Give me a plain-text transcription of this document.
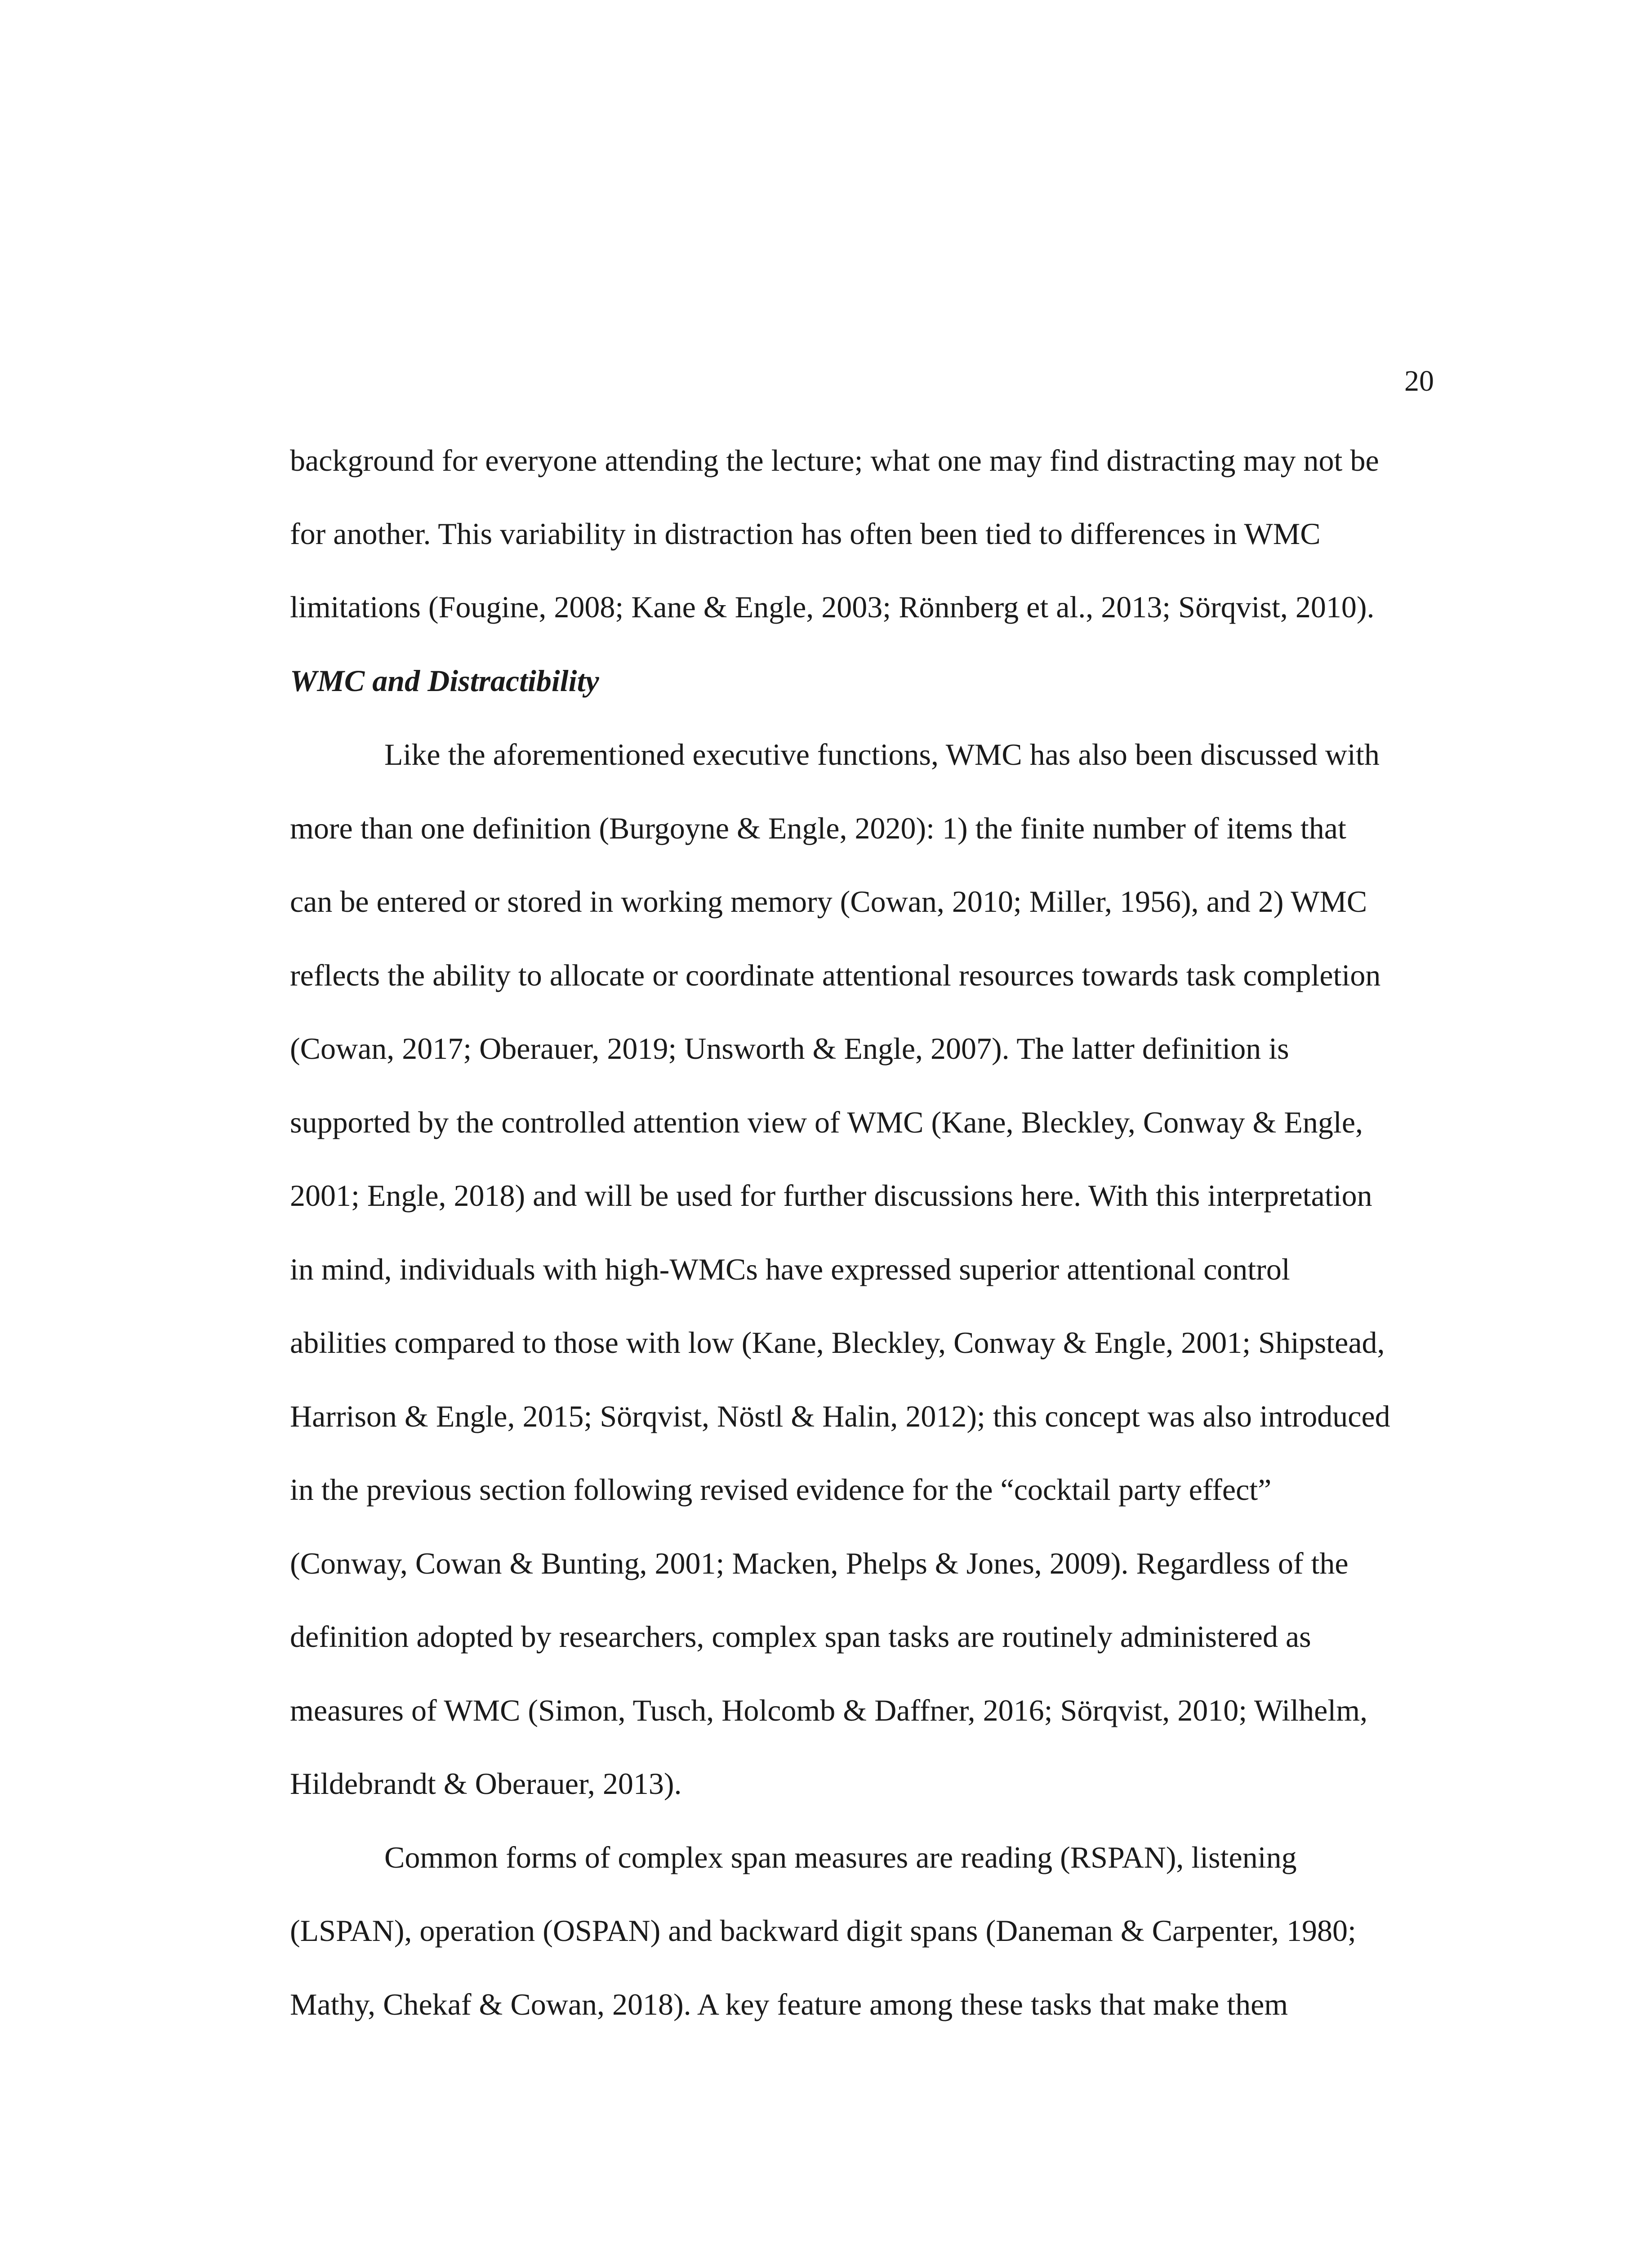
20
background for everyone attending the lecture; what one may find distracting may not be
for another. This variability in distraction has often been tied to differences in WMC
limitations (Fougine, 2008; Kane & Engle, 2003; Rönnberg et al., 2013; Sörqvist, 2010).
WMC and Distractibility
Like the aforementioned executive functions, WMC has also been discussed with
more than one definition (Burgoyne & Engle, 2020): 1) the finite number of items that
can be entered or stored in working memory (Cowan, 2010; Miller, 1956), and 2) WMC
reflects the ability to allocate or coordinate attentional resources towards task completion
(Cowan, 2017; Oberauer, 2019; Unsworth & Engle, 2007). The latter definition is
supported by the controlled attention view of WMC (Kane, Bleckley, Conway & Engle,
2001; Engle, 2018) and will be used for further discussions here. With this interpretation
in mind, individuals with high-WMCs have expressed superior attentional control
abilities compared to those with low (Kane, Bleckley, Conway & Engle, 2001; Shipstead,
Harrison & Engle, 2015; Sörqvist, Nöstl & Halin, 2012); this concept was also introduced
in the previous section following revised evidence for the “cocktail party effect”
(Conway, Cowan & Bunting, 2001; Macken, Phelps & Jones, 2009). Regardless of the
definition adopted by researchers, complex span tasks are routinely administered as
measures of WMC (Simon, Tusch, Holcomb & Daffner, 2016; Sörqvist, 2010; Wilhelm,
Hildebrandt & Oberauer, 2013).
Common forms of complex span measures are reading (RSPAN), listening
(LSPAN), operation (OSPAN) and backward digit spans (Daneman & Carpenter, 1980;
Mathy, Chekaf & Cowan, 2018). A key feature among these tasks that make them
